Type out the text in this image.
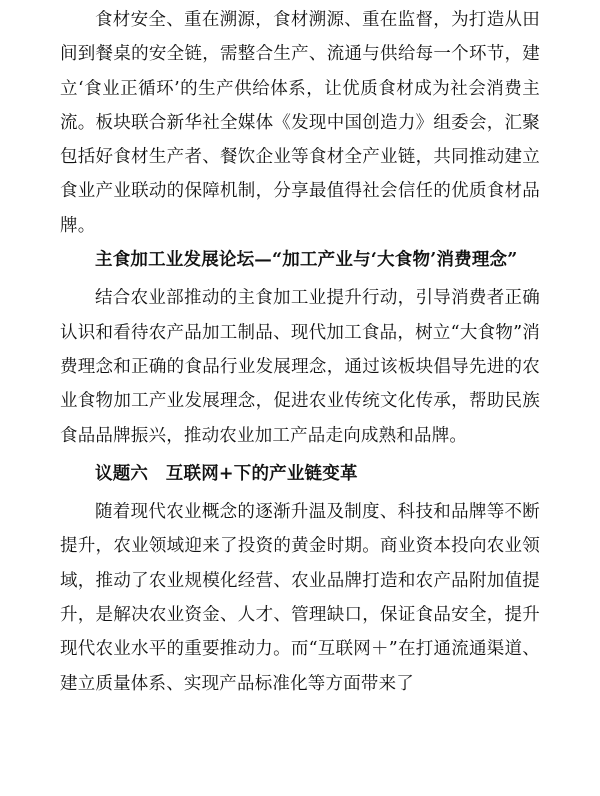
食材安全、重在溯源，食材溯源、重在监督，为打造从田间到餐桌的安全链，需整合生产、流通与供给每一个环节，建立‘食业正循环’的生产供给体系，让优质食材成为社会消费主流。板块联合新华社全媒体《发现中国创造力》组委会，汇聚包括好食材生产者、餐饮企业等食材全产业链，共同推动建立食业产业联动的保障机制，分享最值得社会信任的优质食材品牌。

主食加工业发展论坛—“加工产业与‘大食物’消费理念”

结合农业部推动的主食加工业提升行动，引导消费者正确认识和看待农产品加工制品、现代加工食品，树立“大食物”消费理念和正确的食品行业发展理念，通过该板块倡导先进的农业食物加工产业发展理念，促进农业传统文化传承，帮助民族食品品牌振兴，推动农业加工产品走向成熟和品牌。

议题六　互联网+下的产业链变革

随着现代农业概念的逐渐升温及制度、科技和品牌等不断提升，农业领域迎来了投资的黄金时期。商业资本投向农业领域，推动了农业规模化经营、农业品牌打造和农产品附加值提升，是解决农业资金、人才、管理缺口，保证食品安全，提升现代农业水平的重要推动力。而“互联网＋”在打通流通渠道、建立质量体系、实现产品标准化等方面带来了
